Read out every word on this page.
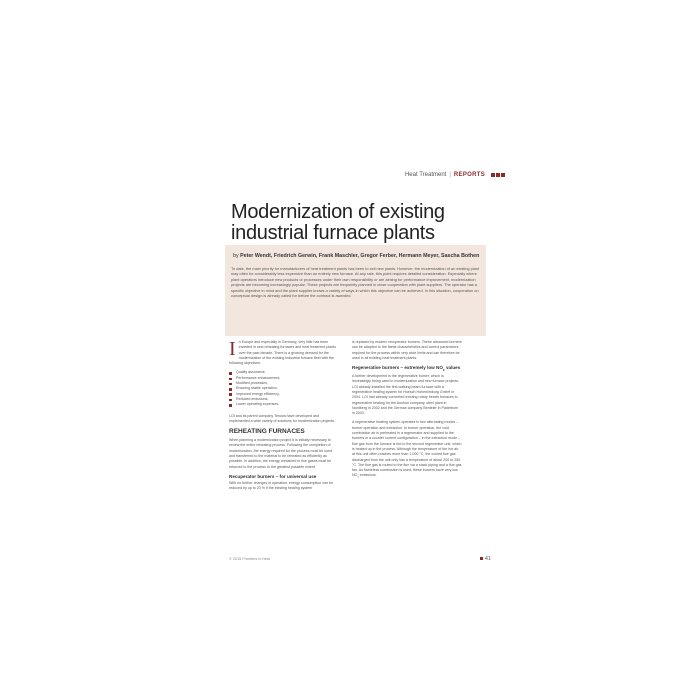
Heat Treatment | REPORTS
Modernization of existing industrial furnace plants
by Peter Wendt, Friedrich Gerwin, Frank Maschler, Gregor Ferber, Hermann Meyer, Sascha Bothen
To date, the main priority for manufacturers of heat treatment plants has been to sell new plants. However, the modernization of an existing plant may often be considerably less expensive than an entirely new furnace. At any rate, this point requires detailed consideration. Especially where plant operators introduce new products or processes under their own responsibility or are aiming for performance improvement, modernization projects are becoming increasingly popular. These projects are frequently planned in close cooperation with plant suppliers. The operator has a specific objective in mind and the plant supplier knows a variety of ways in which this objective can be achieved. In this situation, cooperation on conceptual design is already called for before the contract is awarded.

In Europe and especially in Germany, very little has been invested in new reheating furnaces and heat treatment plants over the past decade. There is a growing demand for the modernization of the existing industrial furnace fleet with the following objectives:

Quality assurance,
Performance enhancement,
Modified processes,
Ensuring stable operation,
Improved energy efficiency,
Reduced emissions,
Lower operating expenses.

LOI and its parent company Tenova have developed and implemented a wide variety of solutions for modernization projects.

REHEATING FURNACES

When planning a modernization project it is initially necessary to review the entire reheating process. Following the completion of modernization, the energy required for the process must be used and transferred to the material to be reheated as efficiently as possible. In addition, the energy contained in flue gases must be returned to the process to the greatest possible extent.

Recuperator burners – for universal use

With no further changes in operation, energy consumption can be reduced by up to 20 % if the existing heating system

is replaced by modern recuperator burners. These advanced burners can be adapted to the flame characteristics and control parameters required for the process within very wide limits and can therefore be used in all existing heat treatment plants.

Regenerative burners – extremely low $NO_x$ values

A further development is the regenerative burner, which is increasingly being used in modernization and new furnace projects. LOI already installed the first walking beam furnace with a regenerative heating system for Hoesch Hohenlimburg GmbH in 2004. LOI had already converted existing rotary hearth furnaces to regenerative heating for the Aushon company, steel plant in Nordberg in 2002 and the German company Benteler in Paderborn in 2003.

A regenerative heating system operates in two alternating modes – burner operation and extraction. In burner operation, the cold combustion air is preheated in a regenerator and supplied to the burners in a counter current configuration – in the extraction mode – flue gas from the furnace is fed to the second regenerator unit, which is heated up in the process. Although the temperature of the hot air at this unit often reaches more than 1,000 °C, the cooled flue gas discharged from the unit only has a temperature of about 200 to 250 °C. The flue gas is routed to the flue via a stack piping and a flue gas fan. As flameless combustion is used, these burners have very low $NO_x$ emissions.

© 2015 Frontiers in heat	41
